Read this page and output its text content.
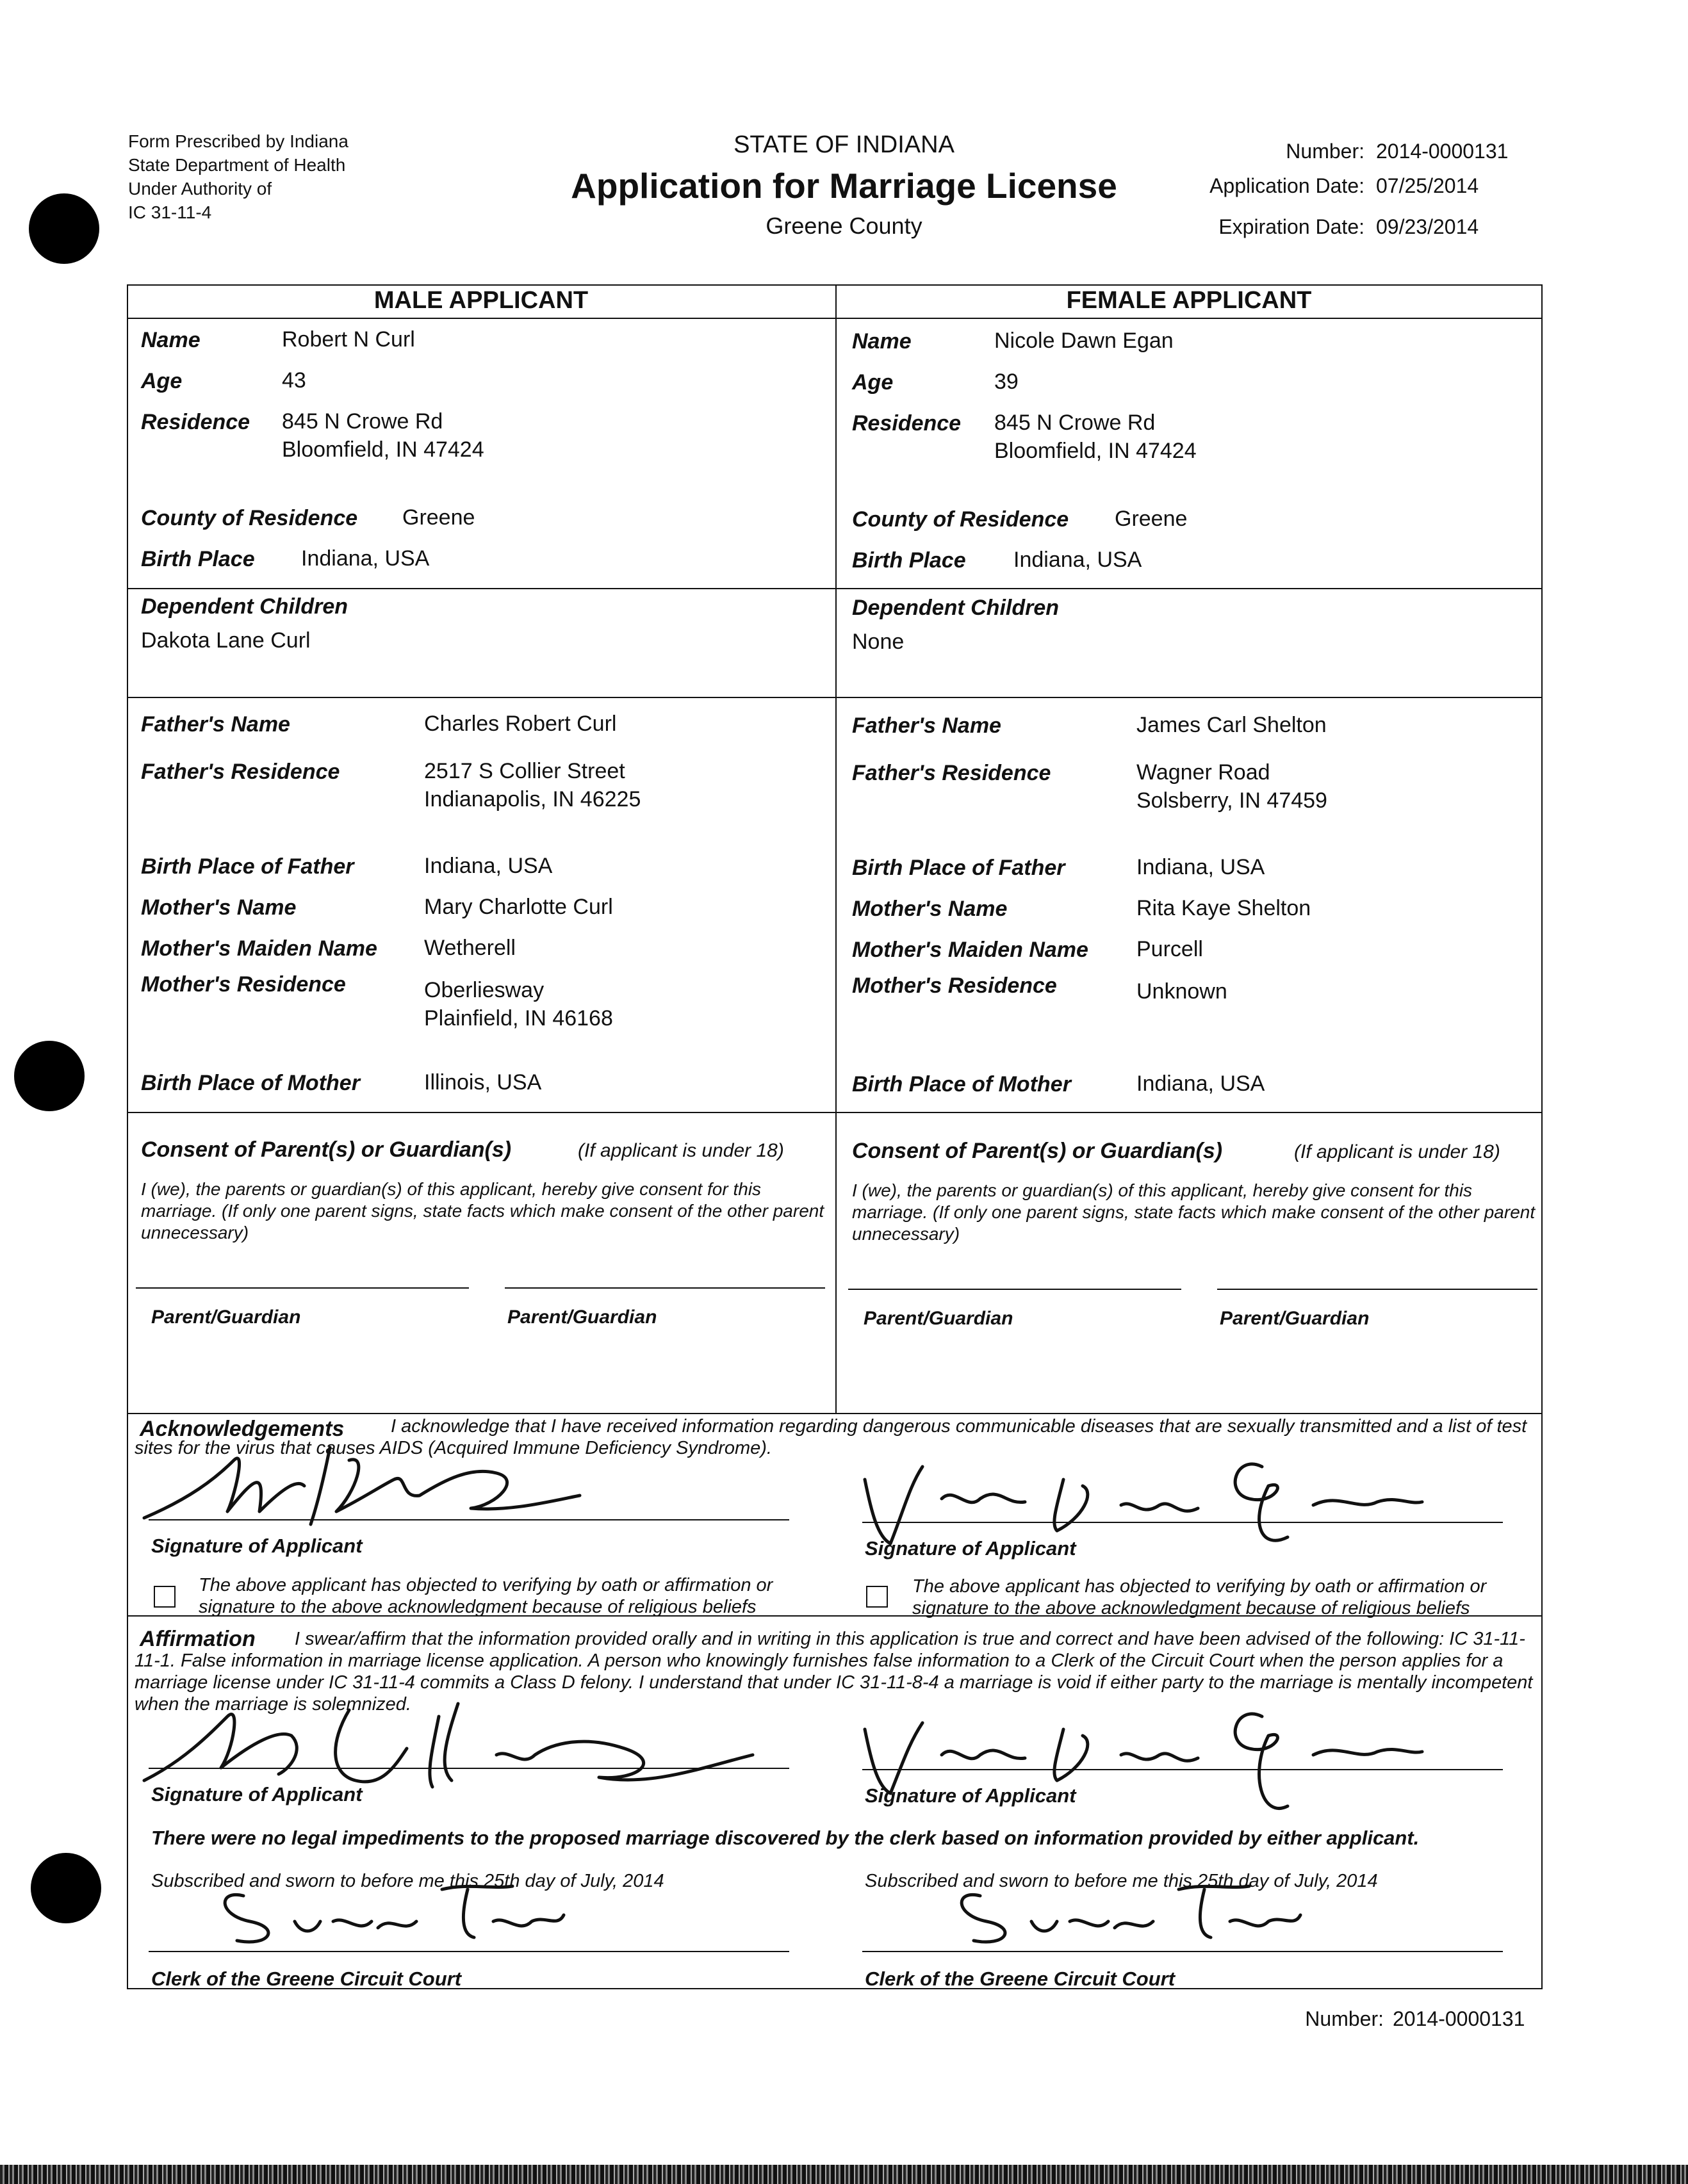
Form Prescribed by Indiana
State Department of Health
Under Authority of
IC 31-11-4
STATE OF INDIANA
Application for Marriage License
Greene County
Number: 2014-0000131
Application Date: 07/25/2014
Expiration Date: 09/23/2014
MALE APPLICANT	FEMALE APPLICANT
Name	Robert N Curl
Age	43
Residence 845 N Crowe Rd
Bloomfield, IN 47424
County of Residence Greene
Birth Place Indiana, USA
Dependent Children
Dakota Lane Curl
Father's Name	Charles Robert Curl
Father's Residence	2517 S Collier Street
Indianapolis, IN 46225
Birth Place of Father	Indiana, USA
Mother's Name	Mary Charlotte Curl
Mother's Maiden Name Wetherell
Mother's Residence	Oberliesway
Plainfield, IN 46168
Birth Place of Mother	Illinois, USA
Name	Nicole Dawn Egan
Age	39
Residence 845 N Crowe Rd
Bloomfield, IN 47424
County of Residence Greene
Birth Place Indiana, USA
Dependent Children
None
Father's Name	James Carl Shelton
Father's Residence	Wagner Road
Solsberry, IN 47459
Birth Place of Father	Indiana, USA
Mother's Name	Rita Kaye Shelton
Mother's Maiden Name Purcell
Mother's Residence	Unknown
Birth Place of Mother	Indiana, USA
Consent of Parent(s) or Guardian(s)	(If applicant is under 18)
I (we), the parents or guardian(s) of this applicant, hereby give consent for this marriage. (If only one parent signs, state facts which make consent of the other parent unnecessary)
Parent/Guardian	Parent/Guardian
Consent of Parent(s) or Guardian(s)	(If applicant is under 18)
I (we), the parents or guardian(s) of this applicant, hereby give consent for this marriage. (If only one parent signs, state facts which make consent of the other parent unnecessary)
Parent/Guardian	Parent/Guardian
Acknowledgements	I acknowledge that I have received information regarding dangerous communicable diseases that are sexually transmitted and a list of test sites for the virus that causes AIDS (Acquired Immune Deficiency Syndrome).
Signature of Applicant
The above applicant has objected to verifying by oath or affirmation or signature to the above acknowledgment because of religious beliefs
Signature of Applicant
The above applicant has objected to verifying by oath or affirmation or signature to the above acknowledgment because of religious beliefs
Affirmation	I swear/affirm that the information provided orally and in writing in this application is true and correct and have been advised of the following: IC 31-11-11-1. False information in marriage license application. A person who knowingly furnishes false information to a Clerk of the Circuit Court when the person applies for a marriage license under IC 31-11-4 commits a Class D felony. I understand that under IC 31-11-8-4 a marriage is void if either party to the marriage is mentally incompetent when the marriage is solemnized.
Signature of Applicant	Signature of Applicant
There were no legal impediments to the proposed marriage discovered by the clerk based on information provided by either applicant.
Subscribed and sworn to before me this 25th day of July, 2014
Clerk of the Greene Circuit Court
Subscribed and sworn to before me this 25th day of July, 2014
Clerk of the Greene Circuit Court
Number: 2014-0000131
